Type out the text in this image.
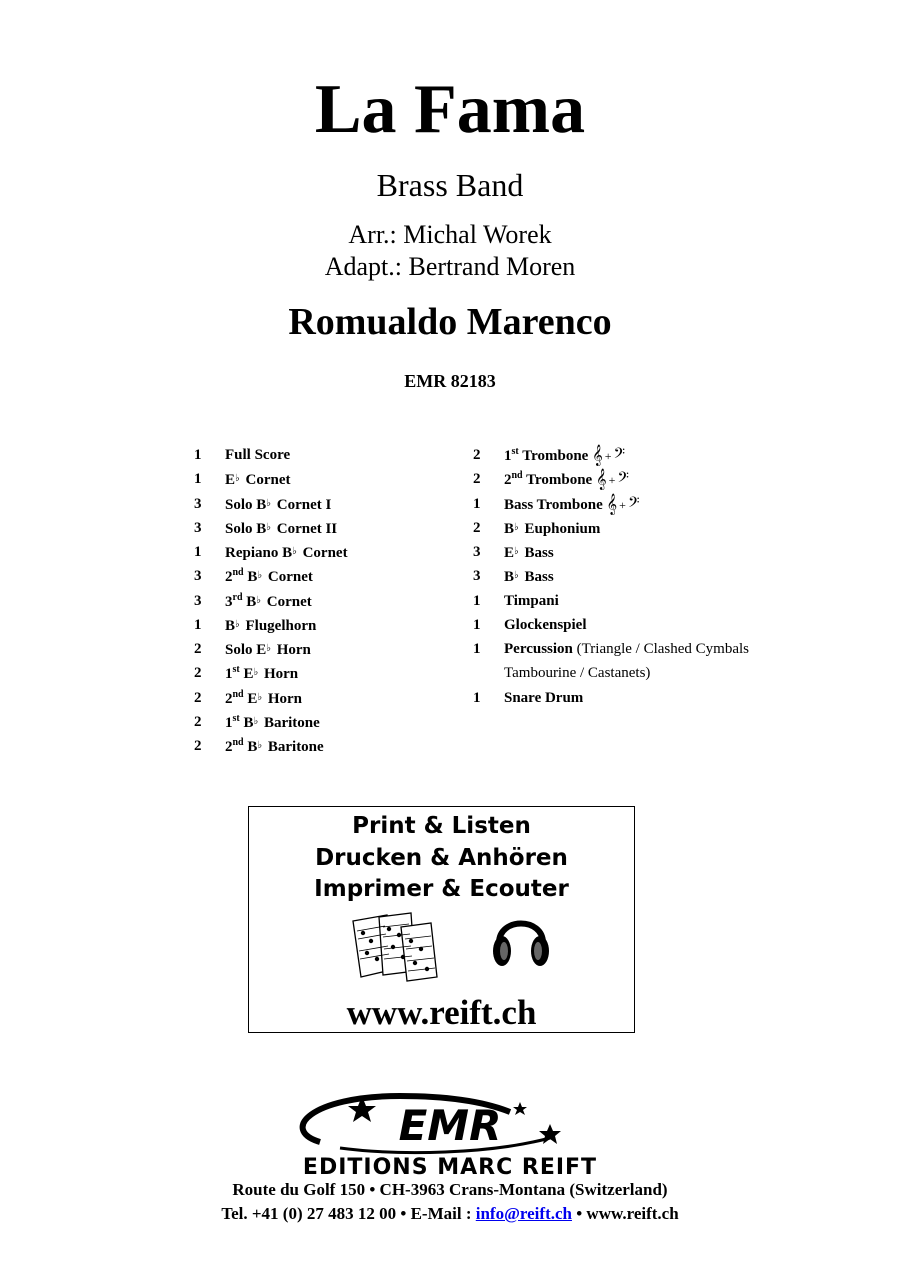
La Fama
Brass Band
Arr.: Michal Worek
Adapt.: Bertrand Moren
Romualdo Marenco
EMR 82183
1	Full Score
1	E♭ Cornet
3	Solo B♭ Cornet I
3	Solo B♭ Cornet II
1	Repiano B♭ Cornet
3	2nd B♭ Cornet
3	3rd B♭ Cornet
1	B♭ Flugelhorn
2	Solo E♭ Horn
2	1st E♭ Horn
2	2nd E♭ Horn
2	1st B♭ Baritone
2	2nd B♭ Baritone
2	1st Trombone 𝄞 + 𝄢
2	2nd Trombone 𝄞 + 𝄢
1	Bass Trombone 𝄞 + 𝄢
2	B♭ Euphonium
3	E♭ Bass
3	B♭ Bass
1	Timpani
1	Glockenspiel
1	Percussion (Triangle / Clashed Cymbals
Tambourine / Castanets)
1	Snare Drum
Print & Listen
Drucken & Anhören
Imprimer & Ecouter
www.reift.ch
EMR
EDITIONS MARC REIFT
Route du Golf 150 • CH-3963 Crans-Montana (Switzerland)
Tel. +41 (0) 27 483 12 00 • E-Mail : info@reift.ch • www.reift.ch
